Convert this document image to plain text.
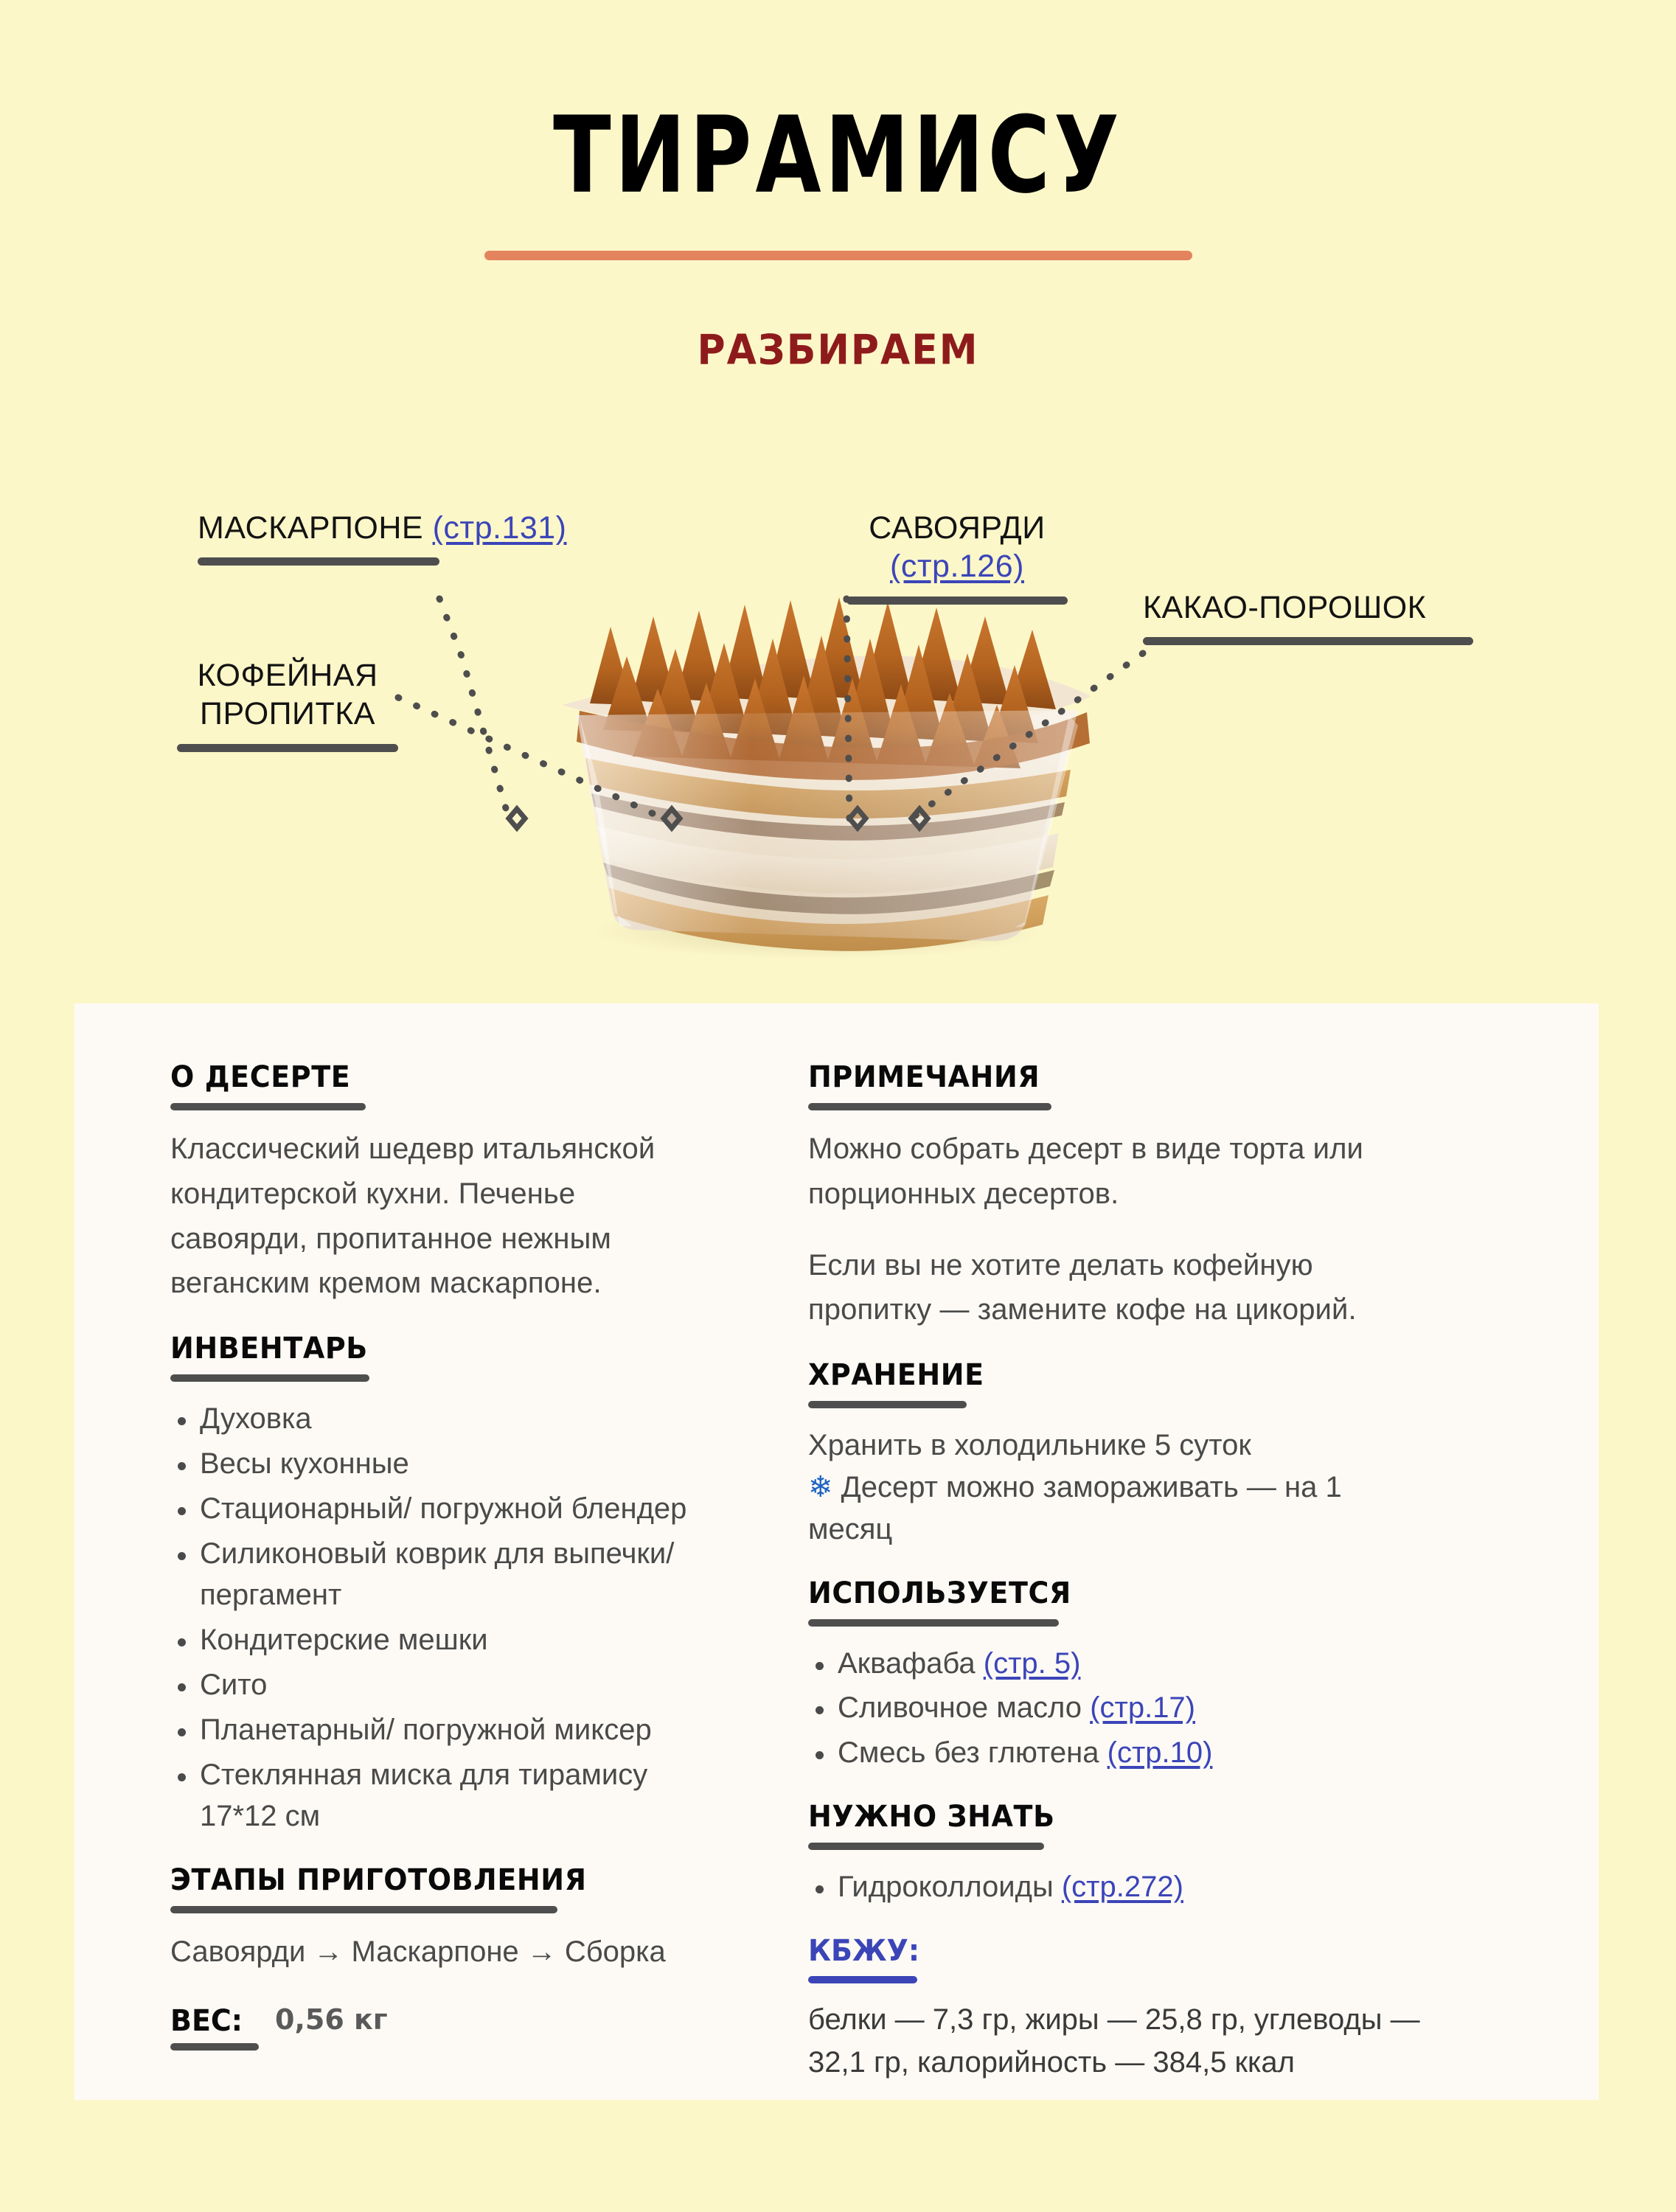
ТИРАМИСУ
РАЗБИРАЕМ
МАСКАРПОНЕ (стр.131)
КОФЕЙНАЯ
ПРОПИТКА
САВОЯРДИ
(стр.126)
КАКАО-ПОРОШОК
О ДЕСЕРТЕ
Классический шедевр итальянской кондитерской кухни. Печенье савоярди, пропитанное нежным веганским кремом маскарпоне.
ИНВЕНТАРЬ
Духовка
Весы кухонные
Стационарный/ погружной блендер
Силиконовый коврик для выпечки/ пергамент
Кондитерские мешки
Сито
Планетарный/ погружной миксер
Стеклянная миска для тирамису 17*12 см
ЭТАПЫ ПРИГОТОВЛЕНИЯ
Савоярди → Маскарпоне → Сборка
ВЕС:	0,56 кг
ПРИМЕЧАНИЯ
Можно собрать десерт в виде торта или порционных десертов.
Если вы не хотите делать кофейную пропитку — замените кофе на цикорий.
ХРАНЕНИЕ
Хранить в холодильнике 5 суток
❄ Десерт можно замораживать — на 1 месяц
ИСПОЛЬЗУЕТСЯ
Аквафаба (стр. 5)
Сливочное масло (стр.17)
Смесь без глютена (стр.10)
НУЖНО ЗНАТЬ
Гидроколлоиды (стр.272)
КБЖУ:
белки — 7,3 гр, жиры — 25,8 гр, углеводы — 32,1 гр, калорийность — 384,5 ккал
